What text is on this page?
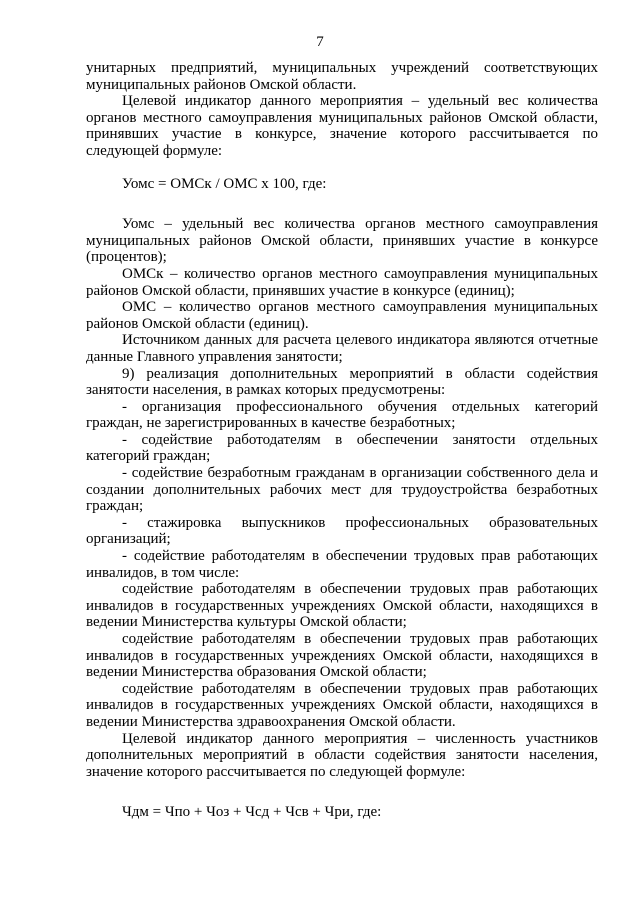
7

унитарных предприятий, муниципальных учреждений соответствующих муниципальных районов Омской области.

Целевой индикатор данного мероприятия – удельный вес количества органов местного самоуправления муниципальных районов Омской области, принявших участие в конкурсе, значение которого рассчитывается по следующей формуле:

Уомс = ОМСк / ОМС х 100, где:

Уомс – удельный вес количества органов местного самоуправления муниципальных районов Омской области, принявших участие в конкурсе (процентов);

ОМСк – количество органов местного самоуправления муниципальных районов Омской области, принявших участие в конкурсе (единиц);

ОМС – количество органов местного самоуправления муниципальных районов Омской области (единиц).

Источником данных для расчета целевого индикатора являются отчетные данные Главного управления занятости;

9) реализация дополнительных мероприятий в области содействия занятости населения, в рамках которых предусмотрены:

- организация профессионального обучения отдельных категорий граждан, не зарегистрированных в качестве безработных;

- содействие работодателям в обеспечении занятости отдельных категорий граждан;

- содействие безработным гражданам в организации собственного дела и создании дополнительных рабочих мест для трудоустройства безработных граждан;

- стажировка выпускников профессиональных образовательных организаций;

- содействие работодателям в обеспечении трудовых прав работающих инвалидов, в том числе:

содействие работодателям в обеспечении трудовых прав работающих инвалидов в государственных учреждениях Омской области, находящихся в ведении Министерства культуры Омской области;

содействие работодателям в обеспечении трудовых прав работающих инвалидов в государственных учреждениях Омской области, находящихся в ведении Министерства образования Омской области;

содействие работодателям в обеспечении трудовых прав работающих инвалидов в государственных учреждениях Омской области, находящихся в ведении Министерства здравоохранения Омской области.

Целевой индикатор данного мероприятия – численность участников дополнительных мероприятий в области содействия занятости населения, значение которого рассчитывается по следующей формуле:

Чдм = Чпо + Чоз + Чсд + Чсв + Чри, где:
